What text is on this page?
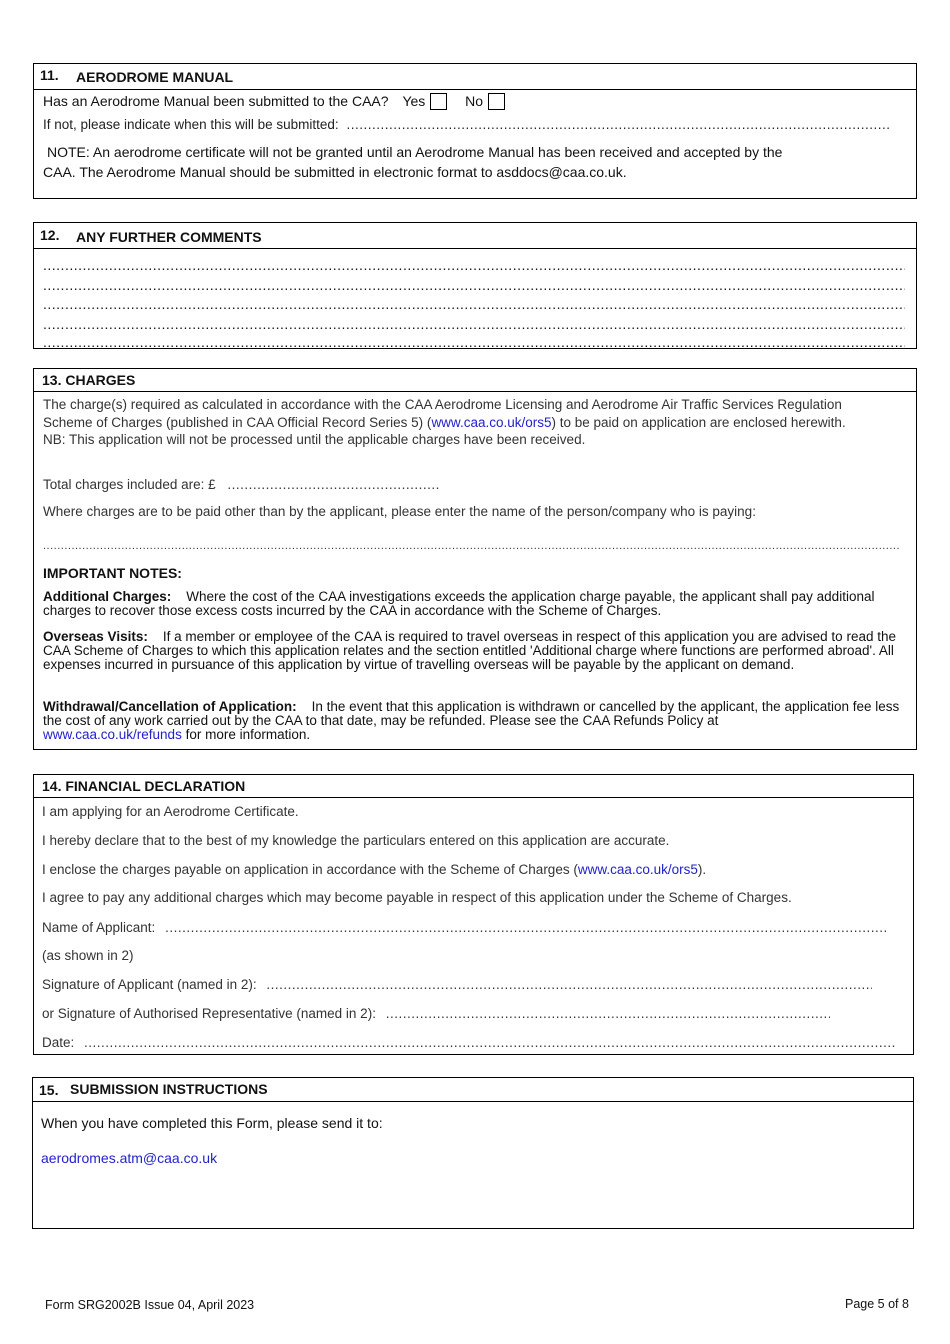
11. AERODROME MANUAL
Has an Aerodrome Manual been submitted to the CAA? Yes	No
If not, please indicate when this will be submitted: .....
NOTE: An aerodrome certificate will not be granted until an Aerodrome Manual has been received and accepted by the
CAA. The Aerodrome Manual should be submitted in electronic format to asddocs@caa.co.uk.
12. ANY FURTHER COMMENTS
.....
.....
.....
.....
.....
13. CHARGES
The charge(s) required as calculated in accordance with the CAA Aerodrome Licensing and Aerodrome Air Traffic Services Regulation
Scheme of Charges (published in CAA Official Record Series 5) (www.caa.co.uk/ors5) to be paid on application are enclosed herewith.
NB: This application will not be processed until the applicable charges have been received.
Total charges included are: £ .....
Where charges are to be paid other than by the applicant, please enter the name of the person/company who is paying:
.....
IMPORTANT NOTES:
Additional Charges: Where the cost of the CAA investigations exceeds the application charge payable, the applicant shall pay additional charges to recover those excess costs incurred by the CAA in accordance with the Scheme of Charges.
Overseas Visits: If a member or employee of the CAA is required to travel overseas in respect of this application you are advised to read the CAA Scheme of Charges to which this application relates and the section entitled 'Additional charge where functions are performed abroad'. All expenses incurred in pursuance of this application by virtue of travelling overseas will be payable by the applicant on demand.
Withdrawal/Cancellation of Application: In the event that this application is withdrawn or cancelled by the applicant, the application fee less the cost of any work carried out by the CAA to that date, may be refunded. Please see the CAA Refunds Policy at
www.caa.co.uk/refunds for more information.
14. FINANCIAL DECLARATION
I am applying for an Aerodrome Certificate.
I hereby declare that to the best of my knowledge the particulars entered on this application are accurate.
I enclose the charges payable on application in accordance with the Scheme of Charges (www.caa.co.uk/ors5).
I agree to pay any additional charges which may become payable in respect of this application under the Scheme of Charges.
Name of Applicant: .....
(as shown in 2)
Signature of Applicant (named in 2): .....
or Signature of Authorised Representative (named in 2): .....
Date: .....
15. SUBMISSION INSTRUCTIONS
When you have completed this Form, please send it to:
aerodromes.atm@caa.co.uk
Form SRG2002B Issue 04, April 2023	Page 5 of 8
